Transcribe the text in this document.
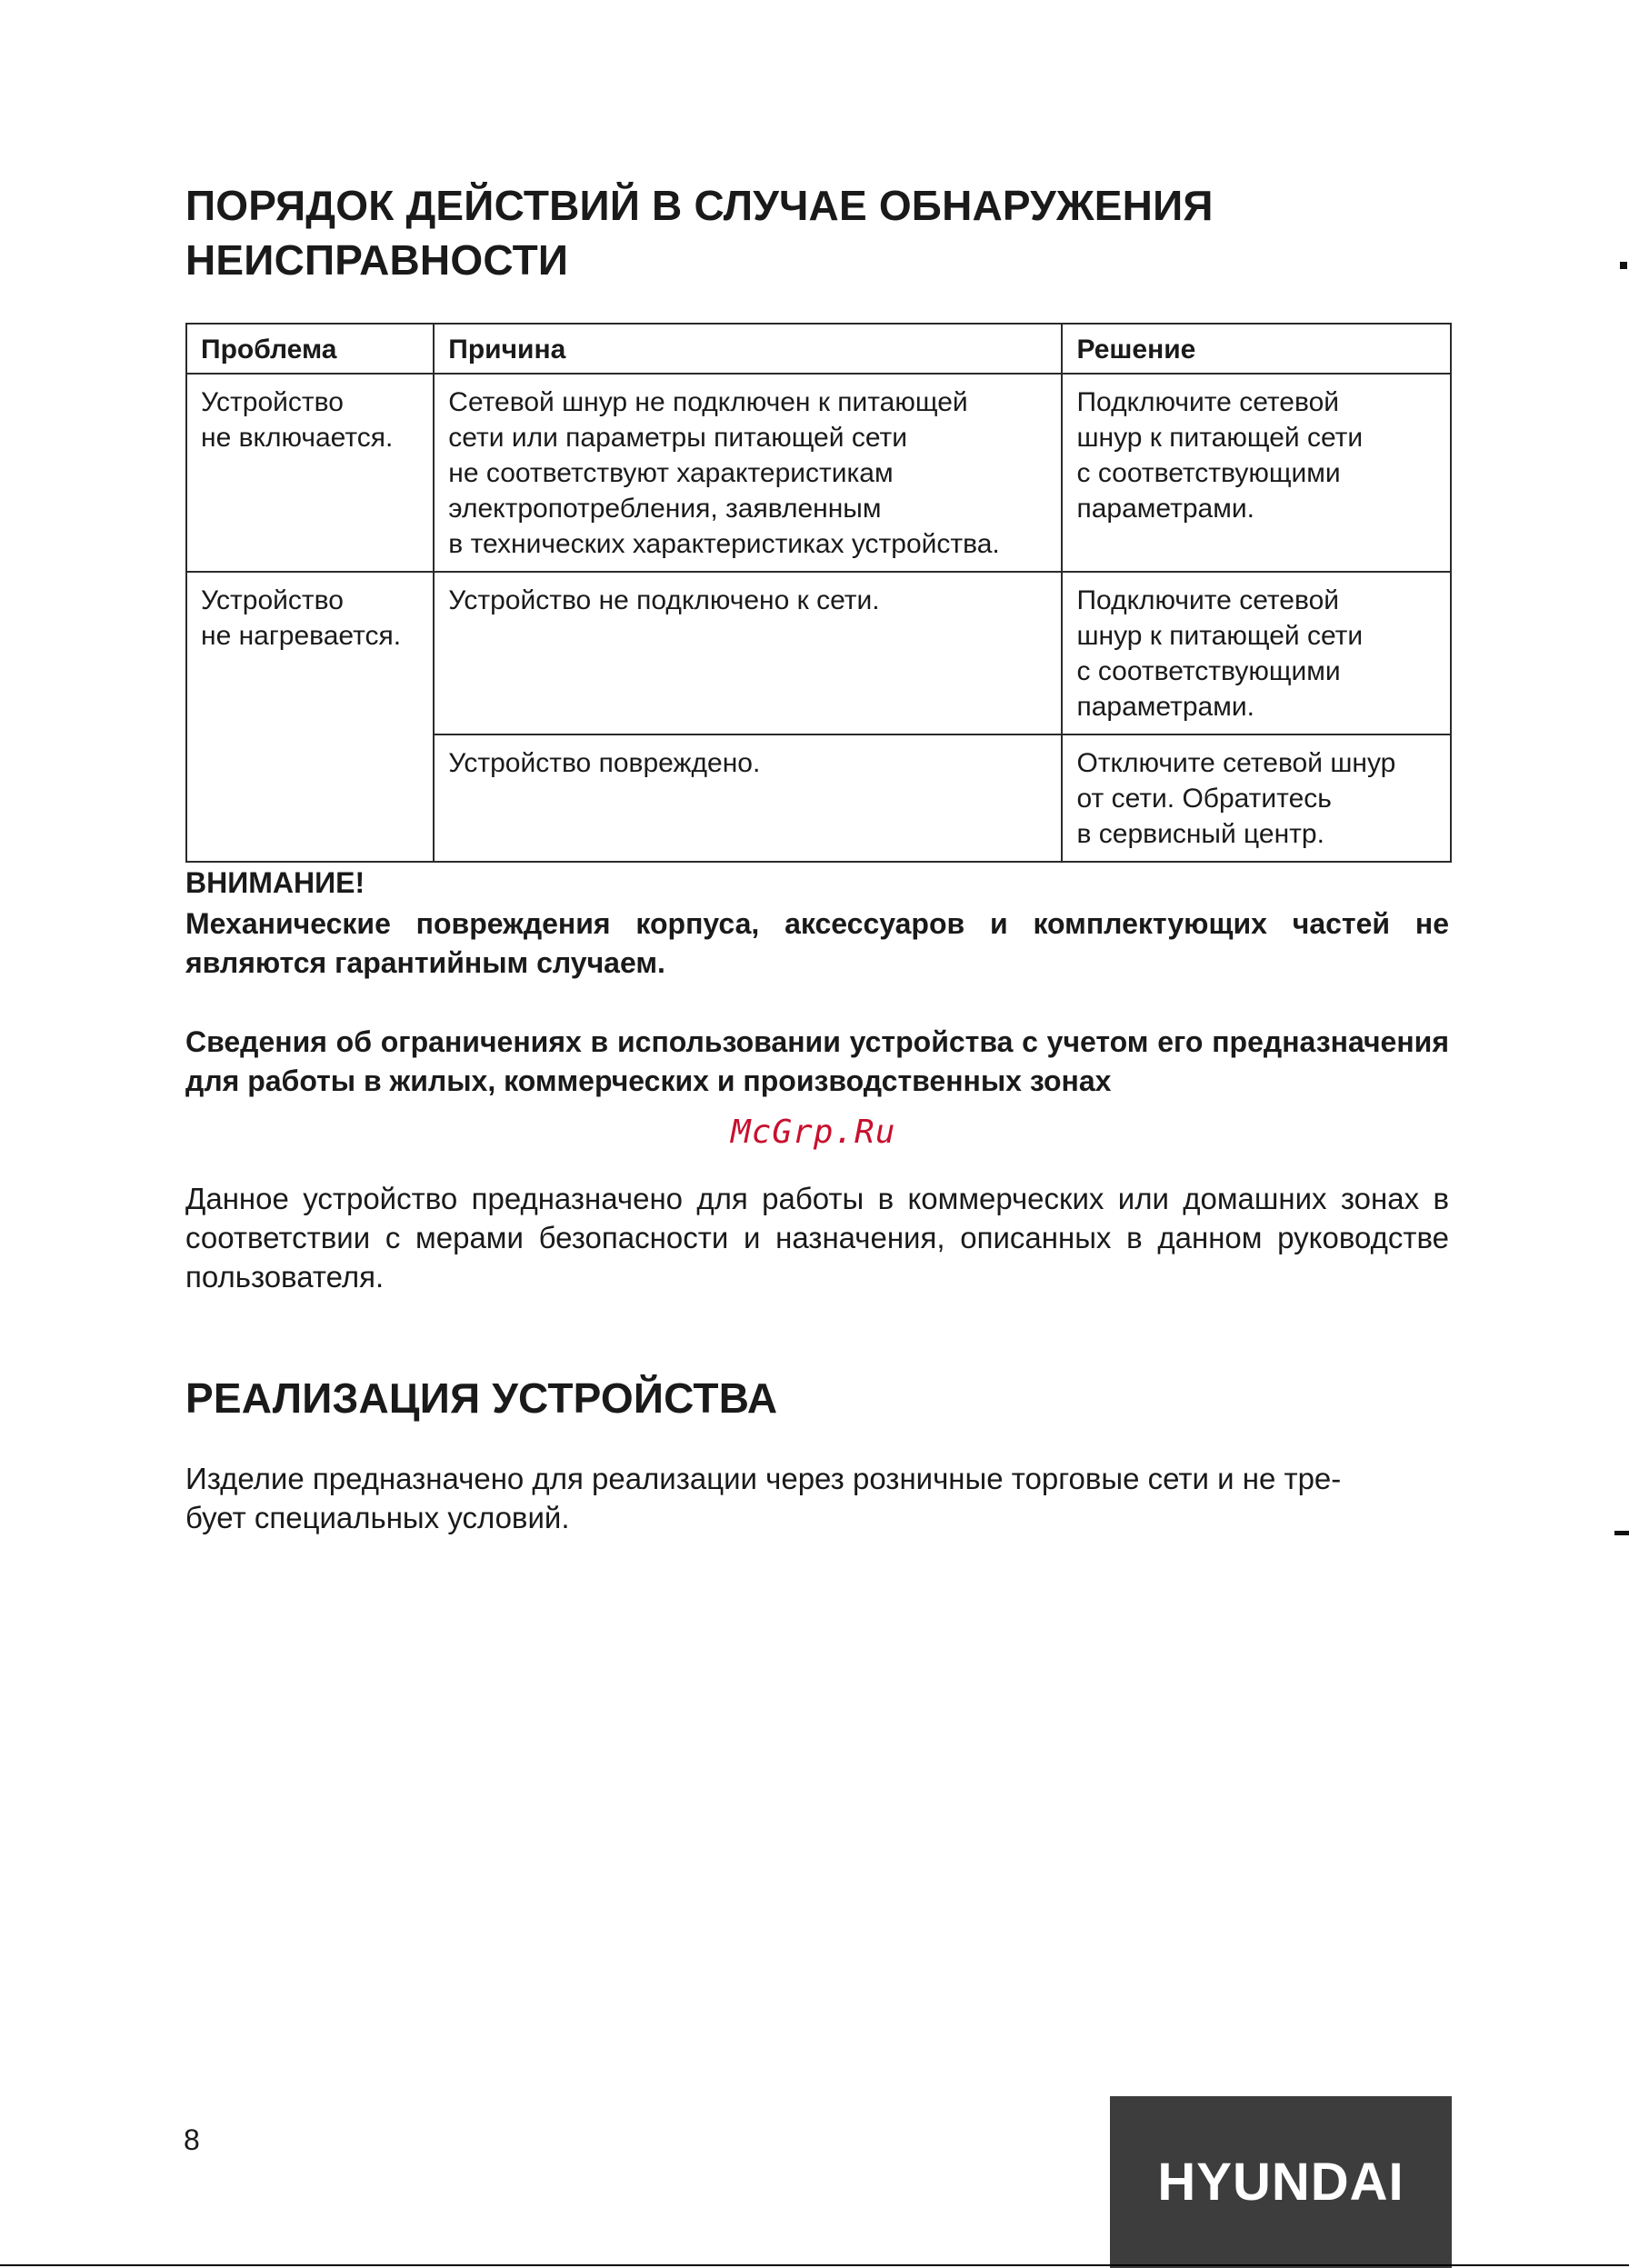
ПОРЯДОК ДЕЙСТВИЙ В СЛУЧАЕ ОБНАРУЖЕНИЯ
НЕИСПРАВНОСТИ
Проблема	Причина	Решение
Устройство
не включается.	Сетевой шнур не подключен к питающей
сети или параметры питающей сети
не соответствуют характеристикам
электропотребления, заявленным
в технических характеристиках устройства.	Подключите сетевой
шнур к питающей сети
с соответствующими
параметрами.
Устройство
не нагревается.	Устройство не подключено к сети.	Подключите сетевой
шнур к питающей сети
с соответствующими
параметрами.
	Устройство повреждено.	Отключите сетевой шнур
от сети. Обратитесь
в сервисный центр.

ВНИМАНИЕ!

Механические повреждения корпуса, аксессуаров и комплектующих частей не являются гарантийным случаем.

Сведения об ограничениях в использовании устройства с учетом его предназначения для работы в жилых, коммерческих и производственных зонах

McGrp.Ru

Данное устройство предназначено для работы в коммерческих или домашних зонах в соответствии с мерами безопасности и назначения, описанных в данном руководстве пользователя.

РЕАЛИЗАЦИЯ УСТРОЙСТВА

Изделие предназначено для реализации через розничные торговые сети и не тре-
бует специальных условий.

8

HYUNDAI
